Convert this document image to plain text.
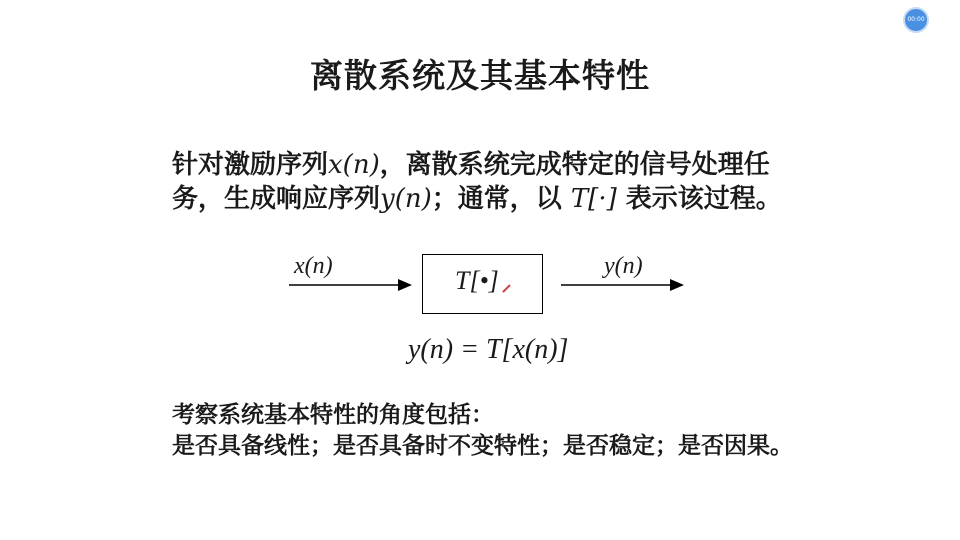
00:00
离散系统及其基本特性
针对激励序列x(n)，离散系统完成特定的信号处理任务，生成响应序列y(n)；通常，以 T[·] 表示该过程。
x(n)	T[•]	y(n)
y(n) = T[x(n)]
考察系统基本特性的角度包括：
是否具备线性；是否具备时不变特性；是否稳定；是否因果。
